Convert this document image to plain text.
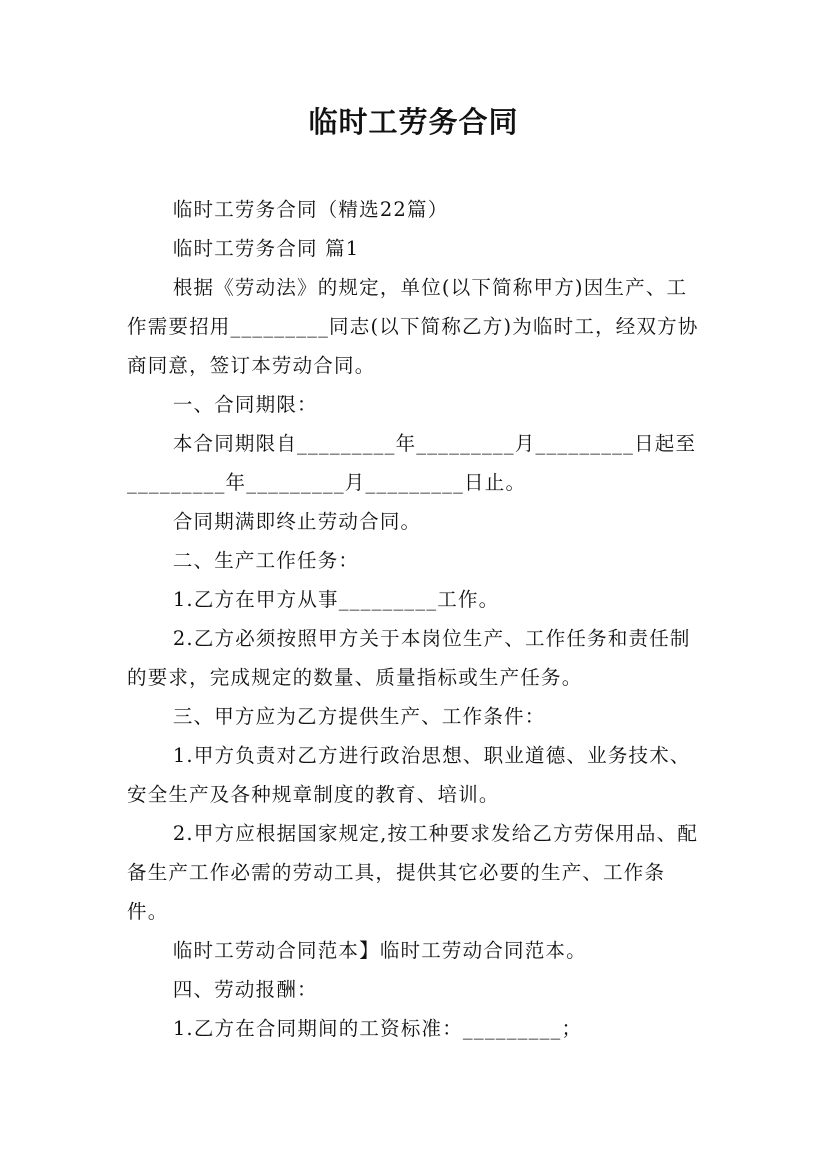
临时工劳务合同

临时工劳务合同（精选22篇）

临时工劳务合同 篇1

根据《劳动法》的规定，单位(以下简称甲方)因生产、工作需要招用_________同志(以下简称乙方)为临时工，经双方协商同意，签订本劳动合同。

一、合同期限：

本合同期限自_________年_________月_________日起至_________年_________月_________日止。

合同期满即终止劳动合同。

二、生产工作任务：

1.乙方在甲方从事_________工作。

2.乙方必须按照甲方关于本岗位生产、工作任务和责任制的要求，完成规定的数量、质量指标或生产任务。

三、甲方应为乙方提供生产、工作条件：

1.甲方负责对乙方进行政治思想、职业道德、业务技术、安全生产及各种规章制度的教育、培训。

2.甲方应根据国家规定,按工种要求发给乙方劳保用品、配备生产工作必需的劳动工具，提供其它必要的生产、工作条件。

临时工劳动合同范本】临时工劳动合同范本。

四、劳动报酬：

1.乙方在合同期间的工资标准：_________；
